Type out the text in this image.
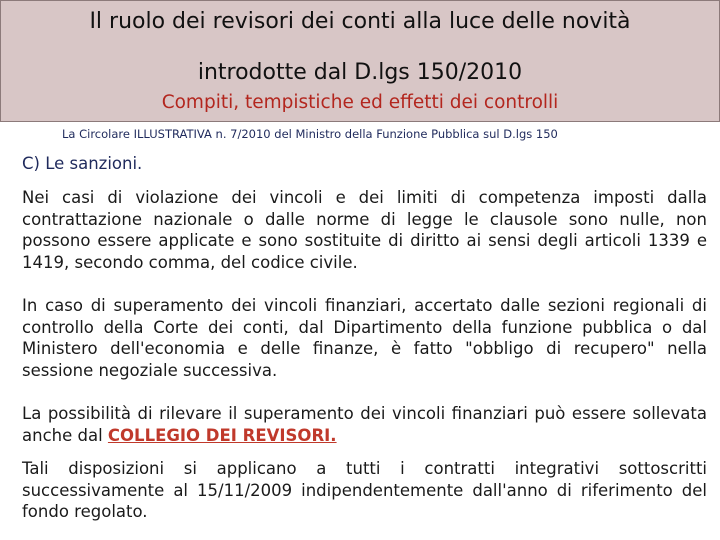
Il ruolo dei revisori dei conti alla luce delle novità
introdotte dal D.lgs 150/2010
Compiti, tempistiche ed effetti dei controlli
La Circolare ILLUSTRATIVA n. 7/2010 del Ministro della Funzione Pubblica sul D.lgs 150
C) Le sanzioni.

Nei casi di violazione dei vincoli e dei limiti di competenza imposti dalla contrattazione nazionale o dalle norme di legge le clausole sono nulle, non possono essere applicate e sono sostituite di diritto ai sensi degli articoli 1339 e 1419, secondo comma, del codice civile.

In caso di superamento dei vincoli finanziari, accertato dalle sezioni regionali di controllo della Corte dei conti, dal Dipartimento della funzione pubblica o dal Ministero dell'economia e delle finanze, è fatto "obbligo di recupero" nella sessione negoziale successiva.

La possibilità di rilevare il superamento dei vincoli finanziari può essere sollevata anche dal COLLEGIO DEI REVISORI.

Tali disposizioni si applicano a tutti i contratti integrativi sottoscritti successivamente al 15/11/2009 indipendentemente dall'anno di riferimento del fondo regolato.
